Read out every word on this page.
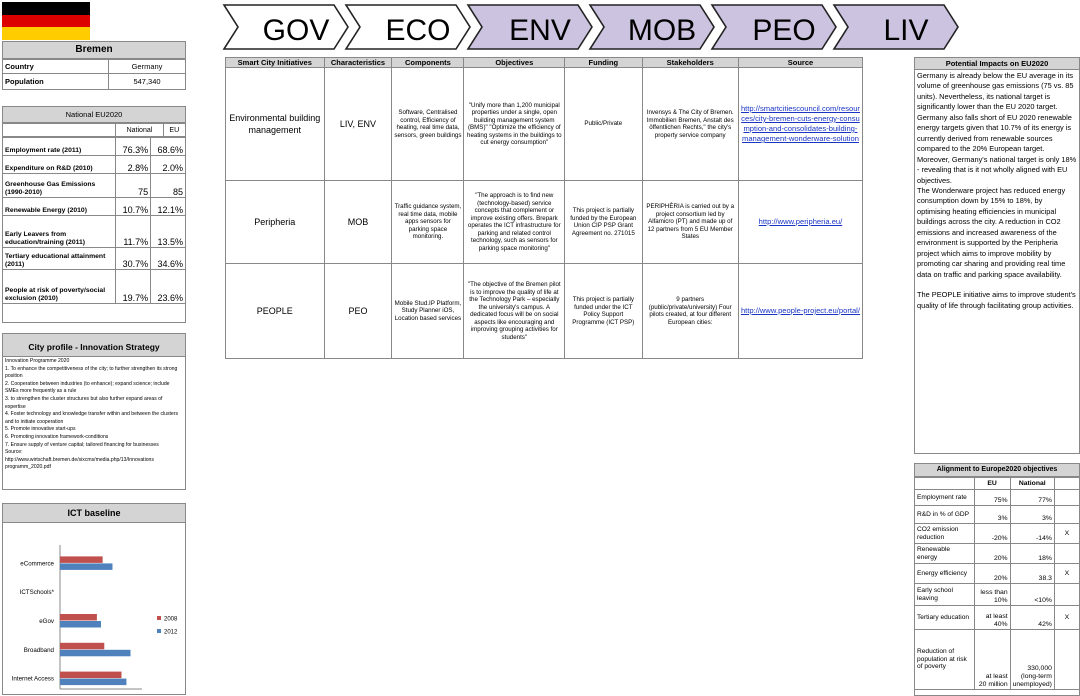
Bremen
Country	Germany
Population	547,340
National EU2020
	National	EU
Employment rate (2011)	76.3%	68.6%
Expenditure on R&D (2010)	2.8%	2.0%
Greenhouse Gas Emissions (1990-2010)	75	85
Renewable Energy (2010)	10.7%	12.1%
Early Leavers from education/training (2011)	11.7%	13.5%
Tertiary educational attainment (2011)	30.7%	34.6%
People at risk of poverty/social exclusion (2010)	19.7%	23.6%
City profile - Innovation Strategy
Innovation Programme 2020
1. To enhance the competitiveness of the city; to further strengthen its strong position
2. Cooperation between industries (to enhance); expand science; include SMEs more frequently as a rule
3. to strengthen the cluster structures but also further expand areas of expertise
4. Foster technology and knowledge transfer within and between the clusters and to initiate cooperation
5. Promote innovative start-ups
6. Promoting innovation framework-conditions
7. Ensure supply of venture capital; tailored financing for businesses
Source:
http://www.wirtschaft.bremen.de/sixcms/media.php/13/Innovations programm_2020.pdf
ICT baseline
eCommerce
ICTSchools*
eGov
Broadband
Internet Access
2008
2012
GOV ECO ENV MOB PEO LIV
Smart City Initiatives	Characteristics	Components	Objectives	Funding	Stakeholders	Source
Environmental building management	LIV, ENV	Software, Centralised control, Efficiency of heating, real time data, sensors, green buildings	"Unify more than 1,200 municipal properties under a single, open building management system (BMS)" "Optimize the efficiency of heating systems in the buildings to cut energy consumption"	Public/Private	Invensys & The City of Bremen. Immobilien Bremen, Anstalt des öffentlichen Rechts," the city's property service company	http://smartcitiescouncil.com/resources/city-bremen-cuts-energy-consumption-and-consolidates-building-management-wonderware-solution
Peripheria	MOB	Traffic guidance system, real time data, mobile apps sensors for parking space monitoring.	"The approach is to find new (technology-based) service concepts that complement or improve existing offers. Brepark operates the ICT infrastructure for parking and related control technology, such as sensors for parking space monitoring"	This project is partially funded by the European Union CIP PSP Grant Agreement no. 271015	PERIPHÈRIA is carried out by a project consortium led by Alfamicro (PT) and made up of 12 partners from 5 EU Member States	http://www.peripheria.eu/
PEOPLE	PEO	Mobile Stud.IP Platform, Study Planner iOS, Location based services	"The objective of the Bremen pilot is to improve the quality of life at the Technology Park – especially the university's campus. A dedicated focus will be on social aspects like encouraging and improving grouping activities for students"	This project is partially funded under the ICT Policy Support Programme (ICT PSP)	9 partners (public/private/university) Four pilots created, at four different European cities:	http://www.people-project.eu/portal/
Potential Impacts on EU2020
Germany is already below the EU average in its volume of greenhouse gas emissions (75 vs. 85 units). Nevertheless, its national target is significantly lower than the EU 2020 target. Germany also falls short of EU 2020 renewable energy targets given that 10.7% of its energy is currently derived from renewable sources compared to the 20% European target. Moreover, Germany's national target is only 18% - revealing that is it not wholly aligned with EU objectives.
The Wonderware project has reduced energy consumption down by 15% to 18%, by optimising heating efficiencies in municipal buildings across the city. A reduction in CO2 emissions and increased awareness of the environment is supported by the Peripheria project which aims to improve mobility by promoting car sharing and providing real time data on traffic and parking space availability.
The PEOPLE initiative aims to improve student's quality of life through facilitating group activities.
Alignment to Europe2020 objectives
	EU	National	
Employment rate	75%	77%	
R&D in % of GDP	3%	3%	
CO2 emission reduction	-20%	-14%	X
Renewable energy	20%	18%	
Energy efficiency	20%	38.3	X
Early school leaving	less than 10%	<10%	
Tertiary education	at least 40%	42%	X
Reduction of population at risk of poverty	at least 20 million	330,000 (long-term unemployed)	
